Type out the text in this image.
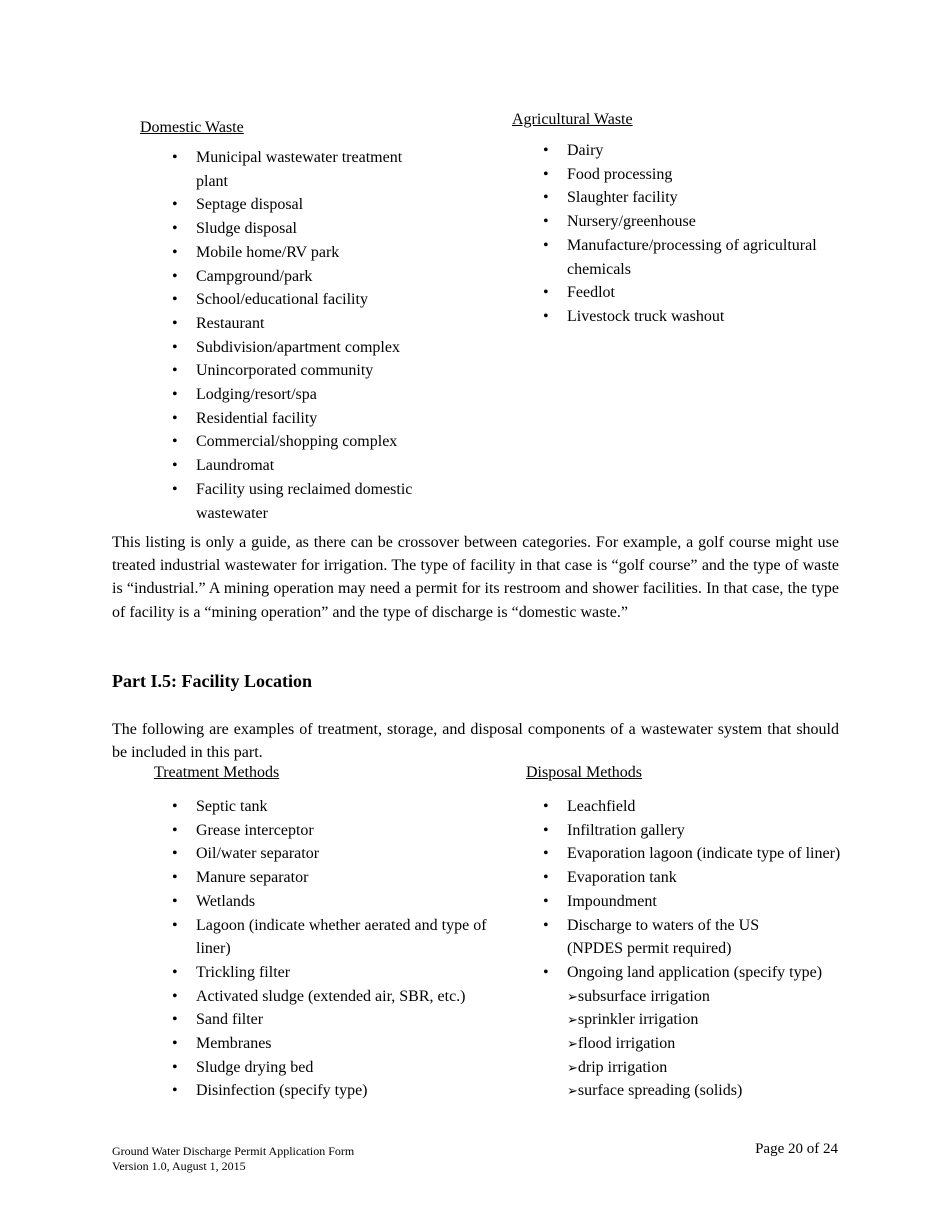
Domestic Waste
• Municipal wastewater treatment plant
• Septage disposal
• Sludge disposal
• Mobile home/RV park
• Campground/park
• School/educational facility
• Restaurant
• Subdivision/apartment complex
• Unincorporated community
• Lodging/resort/spa
• Residential facility
• Commercial/shopping complex
• Laundromat
• Facility using reclaimed domestic wastewater
Agricultural Waste
• Dairy
• Food processing
• Slaughter facility
• Nursery/greenhouse
• Manufacture/processing of agricultural chemicals
• Feedlot
• Livestock truck washout
This listing is only a guide, as there can be crossover between categories. For example, a golf course might use treated industrial wastewater for irrigation. The type of facility in that case is “golf course” and the type of waste is “industrial.” A mining operation may need a permit for its restroom and shower facilities. In that case, the type of facility is a “mining operation” and the type of discharge is “domestic waste.”
Part I.5: Facility Location
The following are examples of treatment, storage, and disposal components of a wastewater system that should be included in this part.
Treatment Methods
• Septic tank
• Grease interceptor
• Oil/water separator
• Manure separator
• Wetlands
• Lagoon (indicate whether aerated and type of liner)
• Trickling filter
• Activated sludge (extended air, SBR, etc.)
• Sand filter
• Membranes
• Sludge drying bed
• Disinfection (specify type)
Disposal Methods
• Leachfield
• Infiltration gallery
• Evaporation lagoon (indicate type of liner)
• Evaporation tank
• Impoundment
• Discharge to waters of the US
(NPDES permit required)
• Ongoing land application (specify type)
➢subsurface irrigation
➢sprinkler irrigation
➢flood irrigation
➢drip irrigation
➢surface spreading (solids)
Ground Water Discharge Permit Application Form
Version 1.0, August 1, 2015
Page 20 of 24
